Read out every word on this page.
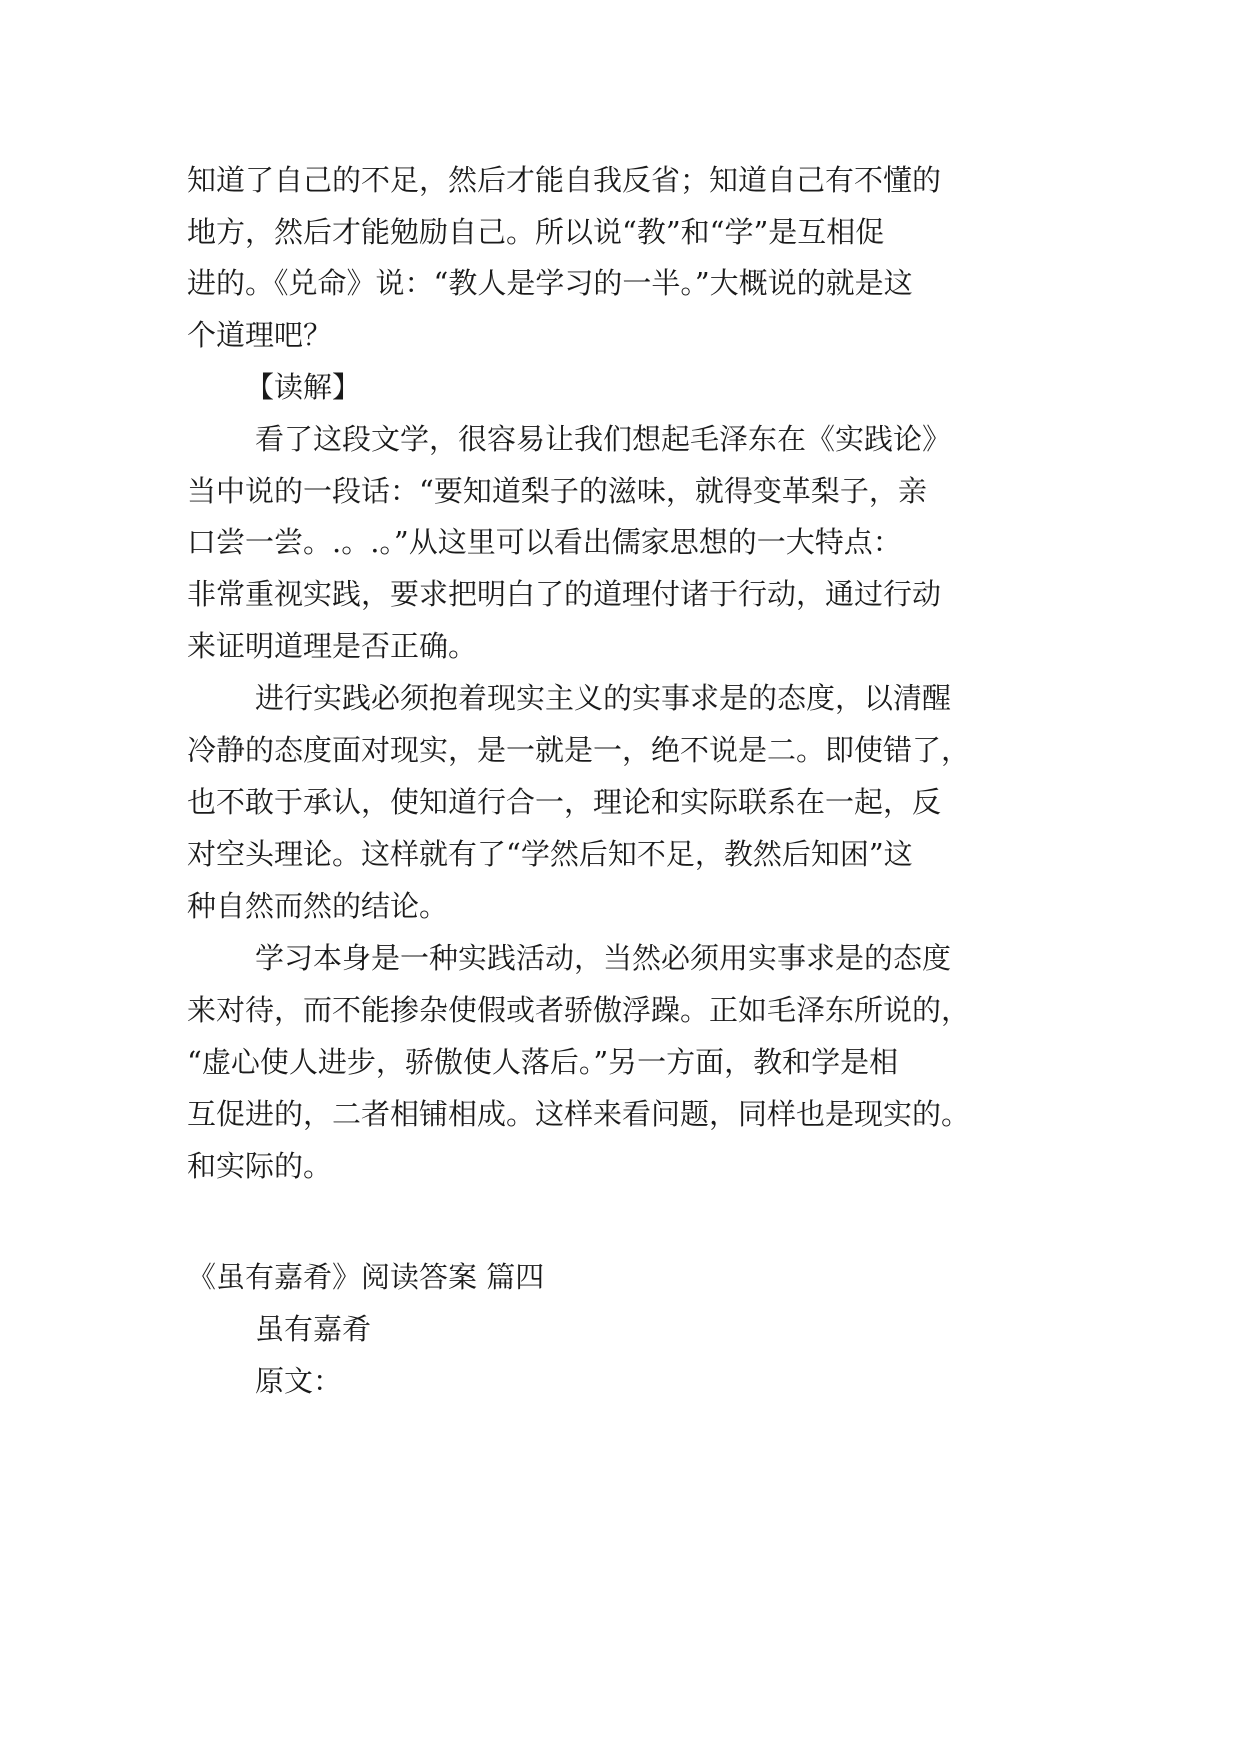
知道了自己的不足，然后才能自我反省；知道自己有不懂的
地方，然后才能勉励自己。所以说“教”和“学”是互相促
进的。《兑命》说：“教人是学习的一半。”大概说的就是这
个道理吧？
【读解】
看了这段文学，很容易让我们想起毛泽东在《实践论》
当中说的一段话：“要知道梨子的滋味，就得变革梨子，亲
口尝一尝。.。.。”从这里可以看出儒家思想的一大特点：
非常重视实践，要求把明白了的道理付诸于行动，通过行动
来证明道理是否正确。
进行实践必须抱着现实主义的实事求是的态度，以清醒
冷静的态度面对现实，是一就是一，绝不说是二。即使错了，
也不敢于承认，使知道行合一，理论和实际联系在一起，反
对空头理论。这样就有了“学然后知不足，教然后知困”这
种自然而然的结论。
学习本身是一种实践活动，当然必须用实事求是的态度
来对待，而不能掺杂使假或者骄傲浮躁。正如毛泽东所说的，
“虚心使人进步，骄傲使人落后。”另一方面，教和学是相
互促进的，二者相铺相成。这样来看问题，同样也是现实的。
和实际的。
《虽有嘉肴》阅读答案 篇四
虽有嘉肴
原文：
